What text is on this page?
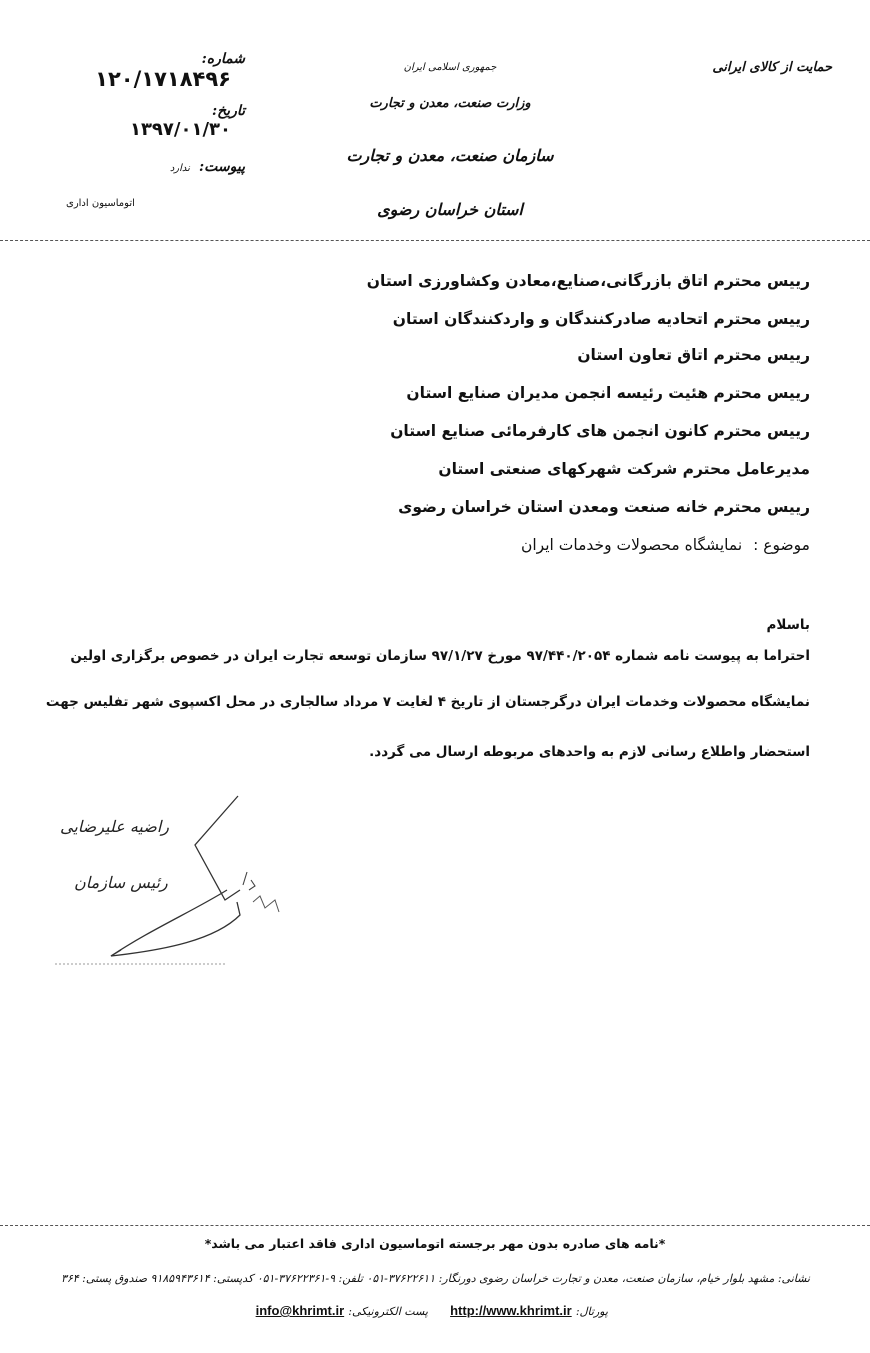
حمایت از کالای ایرانی
جمهوری اسلامی ایران
وزارت صنعت، معدن و تجارت
سازمان صنعت، معدن و تجارت
استان خراسان رضوی
شماره: ۱۲۰/۱۷۱۸۴۹۶
تاریخ: ۱۳۹۷/۰۱/۳۰
پیوست: ندارد
اتوماسیون اداری
رییس محترم اتاق بازرگانی،صنایع،معادن وکشاورزی استان
رییس محترم اتحادیه صادرکنندگان و واردکنندگان استان
رییس محترم اتاق تعاون استان
رییس محترم هئیت رئیسه انجمن مدیران صنایع استان
رییس محترم کانون انجمن های کارفرمائی صنایع استان
مدیرعامل محترم شرکت شهرکهای صنعتی استان
رییس محترم خانه صنعت ومعدن استان خراسان رضوی
موضوع : نمایشگاه محصولات وخدمات ایران
باسلام
احتراما به پیوست نامه شماره ۹۷/۴۴۰/۲۰۵۴ مورخ ۹۷/۱/۲۷ سازمان توسعه تجارت ایران در خصوص برگزاری اولین
نمایشگاه محصولات وخدمات ایران درگرجستان از تاریخ ۴ لغایت ۷ مرداد سالجاری در محل اکسپوی شهر تفلیس جهت
استحضار واطلاع رسانی لازم به واحدهای مربوطه ارسال می گردد.
راضیه علیرضایی
رئیس سازمان
*نامه های صادره بدون مهر برجسته اتوماسیون اداری فاقد اعتبار می باشد*
نشانی: مشهد بلوار خیام، سازمان صنعت، معدن و تجارت خراسان رضوی دورنگار: ۳۷۶۲۲۶۱۱-۰۵۱ تلفن: ۹-۳۷۶۲۲۳۶۱-۰۵۱ کدپستی: ۹۱۸۵۹۴۳۶۱۴ صندوق پستی: ۳۶۴
پورتال: http://www.khrimt.ir پست الکترونیکی: info@khrimt.ir
